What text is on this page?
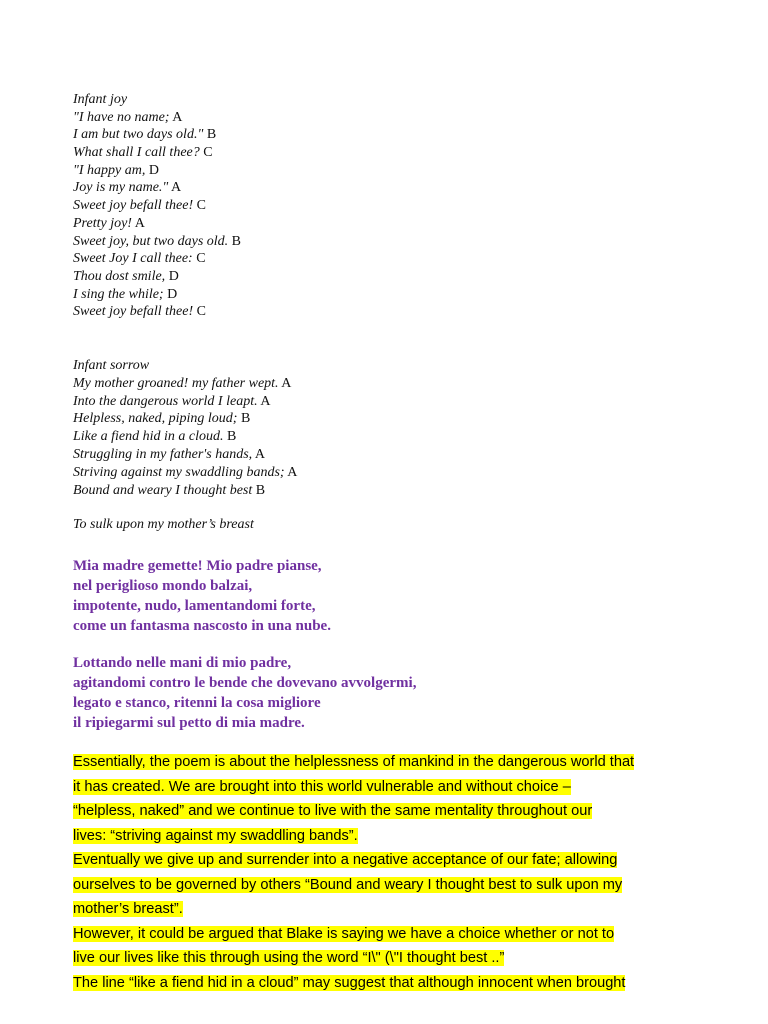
Infant joy
"I have no name; A
I am but two days old." B
What shall I call thee? C
"I happy am, D
Joy is my name." A
Sweet joy befall thee! C
Pretty joy! A
Sweet joy, but two days old. B
Sweet Joy I call thee: C
Thou dost smile, D
I sing the while; D
Sweet joy befall thee! C
Infant sorrow
My mother groaned! my father wept. A
Into the dangerous world I leapt. A
Helpless, naked, piping loud; B
Like a fiend hid in a cloud. B
Struggling in my father's hands, A
Striving against my swaddling bands; A
Bound and weary I thought best B
To sulk upon my mother’s breast
Mia madre gemette! Mio padre pianse,
nel periglioso mondo balzai,
impotente, nudo, lamentandomi forte,
come un fantasma nascosto in una nube.
Lottando nelle mani di mio padre,
agitandomi contro le bende che dovevano avvolgermi,
legato e stanco, ritenni la cosa migliore
il ripiegarmi sul petto di mia madre.
Essentially, the poem is about the helplessness of mankind in the dangerous world that
it has created. We are brought into this world vulnerable and without choice –
“helpless, naked” and we continue to live with the same mentality throughout our
lives: “striving against my swaddling bands”.
Eventually we give up and surrender into a negative acceptance of our fate; allowing
ourselves to be governed by others “Bound and weary I thought best to sulk upon my
mother’s breast”.
However, it could be argued that Blake is saying we have a choice whether or not to
live our lives like this through using the word “I\" (\"I thought best ..”
The line “like a fiend hid in a cloud” may suggest that although innocent when brought
